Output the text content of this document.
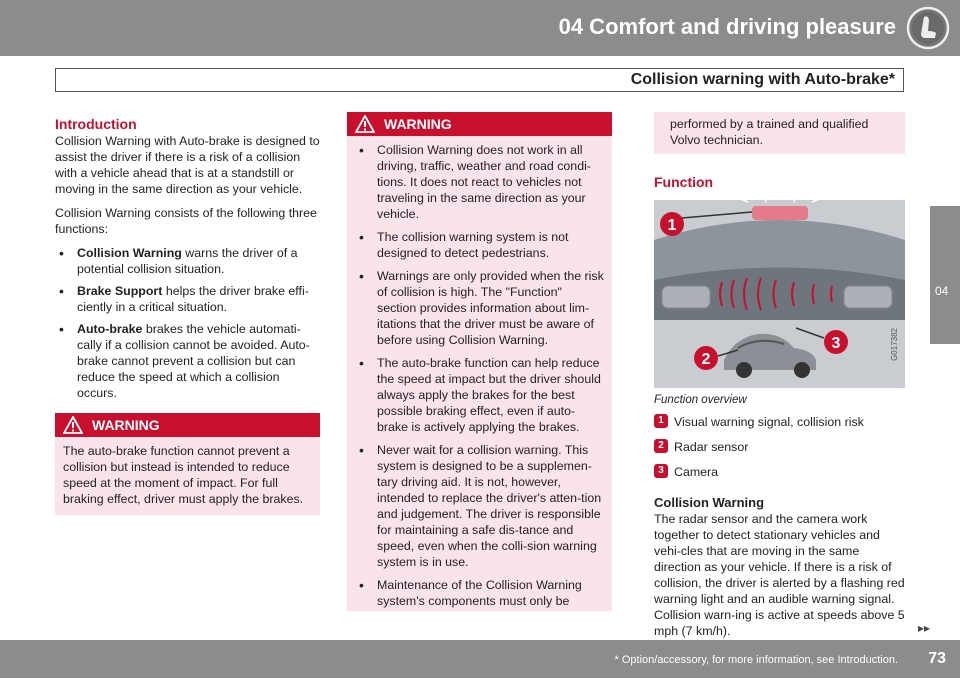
04 Comfort and driving pleasure
Collision warning with Auto-brake*
04
Introduction

Collision Warning with Auto-brake is designed to assist the driver if there is a risk of a collision with a vehicle ahead that is at a standstill or moving in the same direction as your vehicle.

Collision Warning consists of the following three functions:

• Collision Warning warns the driver of a potential collision situation.
• Brake Support helps the driver brake effi-ciently in a critical situation.
• Auto-brake brakes the vehicle automati-cally if a collision cannot be avoided. Auto-brake cannot prevent a collision but can reduce the speed at which a collision occurs.
WARNING
The auto-brake function cannot prevent a collision but instead is intended to reduce speed at the moment of impact. For full braking effect, driver must apply the brakes.
WARNING
• Collision Warning does not work in all driving, traffic, weather and road condi-tions. It does not react to vehicles not traveling in the same direction as your vehicle.
• The collision warning system is not designed to detect pedestrians.
• Warnings are only provided when the risk of collision is high. The "Function" section provides information about lim-itations that the driver must be aware of before using Collision Warning.
• The auto-brake function can help reduce the speed at impact but the driver should always apply the brakes for the best possible braking effect, even if auto-brake is actively applying the brakes.
• Never wait for a collision warning. This system is designed to be a supplemen-tary driving aid. It is not, however, intended to replace the driver's atten-tion and judgement. The driver is responsible for maintaining a safe dis-tance and speed, even when the colli-sion warning system is in use.
• Maintenance of the Collision Warning system's components must only be
performed by a trained and qualified Volvo technician.
Function
1
2
3	G017382
Function overview
1 Visual warning signal, collision risk
2 Radar sensor
3 Camera
Collision Warning

The radar sensor and the camera work together to detect stationary vehicles and vehi-cles that are moving in the same direction as your vehicle. If there is a risk of collision, the driver is alerted by a flashing red warning light and an audible warning signal. Collision warn-ing is active at speeds above 5 mph (7 km/h).	▸▸
* Option/accessory, for more information, see Introduction. 73
